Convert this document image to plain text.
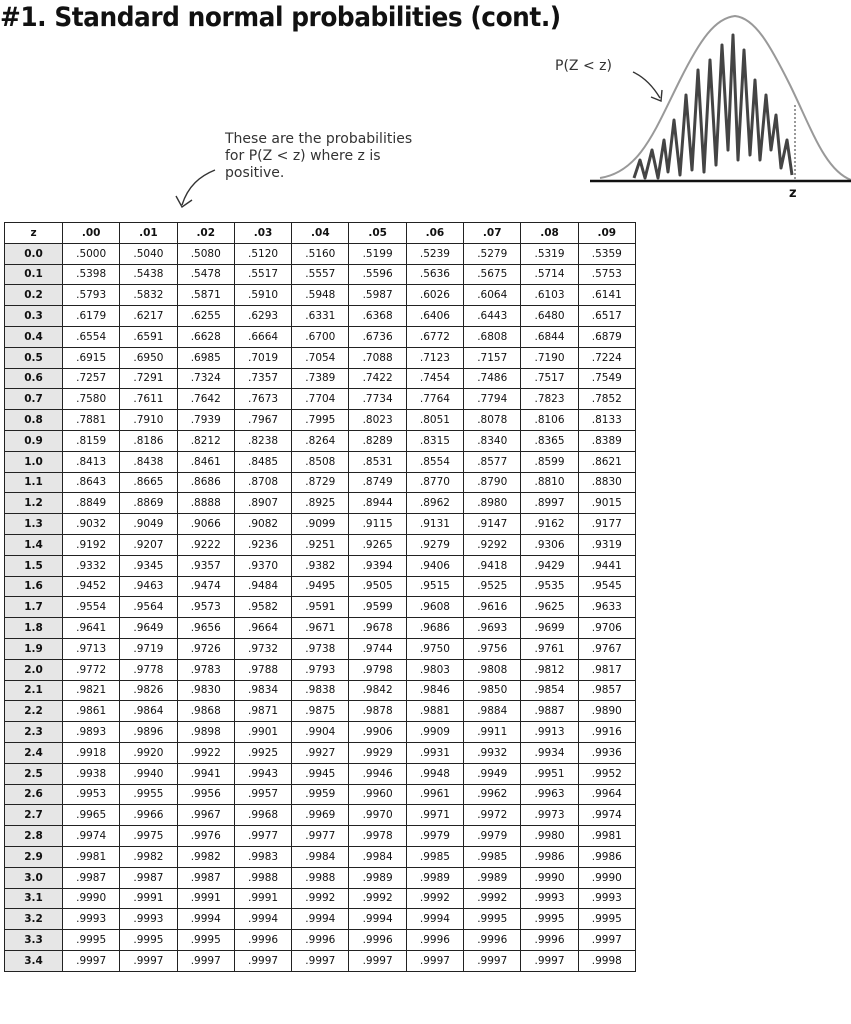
#1. Standard normal probabilities (cont.)
These are the probabilities
for P(Z < z) where z is
positive.
P(Z < z)
z
z	.00	.01	.02	.03	.04	.05	.06	.07	.08	.09
0.0	.5000	.5040	.5080	.5120	.5160	.5199	.5239	.5279	.5319	.5359
0.1	.5398	.5438	.5478	.5517	.5557	.5596	.5636	.5675	.5714	.5753
0.2	.5793	.5832	.5871	.5910	.5948	.5987	.6026	.6064	.6103	.6141
0.3	.6179	.6217	.6255	.6293	.6331	.6368	.6406	.6443	.6480	.6517
0.4	.6554	.6591	.6628	.6664	.6700	.6736	.6772	.6808	.6844	.6879
0.5	.6915	.6950	.6985	.7019	.7054	.7088	.7123	.7157	.7190	.7224
0.6	.7257	.7291	.7324	.7357	.7389	.7422	.7454	.7486	.7517	.7549
0.7	.7580	.7611	.7642	.7673	.7704	.7734	.7764	.7794	.7823	.7852
0.8	.7881	.7910	.7939	.7967	.7995	.8023	.8051	.8078	.8106	.8133
0.9	.8159	.8186	.8212	.8238	.8264	.8289	.8315	.8340	.8365	.8389
1.0	.8413	.8438	.8461	.8485	.8508	.8531	.8554	.8577	.8599	.8621
1.1	.8643	.8665	.8686	.8708	.8729	.8749	.8770	.8790	.8810	.8830
1.2	.8849	.8869	.8888	.8907	.8925	.8944	.8962	.8980	.8997	.9015
1.3	.9032	.9049	.9066	.9082	.9099	.9115	.9131	.9147	.9162	.9177
1.4	.9192	.9207	.9222	.9236	.9251	.9265	.9279	.9292	.9306	.9319
1.5	.9332	.9345	.9357	.9370	.9382	.9394	.9406	.9418	.9429	.9441
1.6	.9452	.9463	.9474	.9484	.9495	.9505	.9515	.9525	.9535	.9545
1.7	.9554	.9564	.9573	.9582	.9591	.9599	.9608	.9616	.9625	.9633
1.8	.9641	.9649	.9656	.9664	.9671	.9678	.9686	.9693	.9699	.9706
1.9	.9713	.9719	.9726	.9732	.9738	.9744	.9750	.9756	.9761	.9767
2.0	.9772	.9778	.9783	.9788	.9793	.9798	.9803	.9808	.9812	.9817
2.1	.9821	.9826	.9830	.9834	.9838	.9842	.9846	.9850	.9854	.9857
2.2	.9861	.9864	.9868	.9871	.9875	.9878	.9881	.9884	.9887	.9890
2.3	.9893	.9896	.9898	.9901	.9904	.9906	.9909	.9911	.9913	.9916
2.4	.9918	.9920	.9922	.9925	.9927	.9929	.9931	.9932	.9934	.9936
2.5	.9938	.9940	.9941	.9943	.9945	.9946	.9948	.9949	.9951	.9952
2.6	.9953	.9955	.9956	.9957	.9959	.9960	.9961	.9962	.9963	.9964
2.7	.9965	.9966	.9967	.9968	.9969	.9970	.9971	.9972	.9973	.9974
2.8	.9974	.9975	.9976	.9977	.9977	.9978	.9979	.9979	.9980	.9981
2.9	.9981	.9982	.9982	.9983	.9984	.9984	.9985	.9985	.9986	.9986
3.0	.9987	.9987	.9987	.9988	.9988	.9989	.9989	.9989	.9990	.9990
3.1	.9990	.9991	.9991	.9991	.9992	.9992	.9992	.9992	.9993	.9993
3.2	.9993	.9993	.9994	.9994	.9994	.9994	.9994	.9995	.9995	.9995
3.3	.9995	.9995	.9995	.9996	.9996	.9996	.9996	.9996	.9996	.9997
3.4	.9997	.9997	.9997	.9997	.9997	.9997	.9997	.9997	.9997	.9998
